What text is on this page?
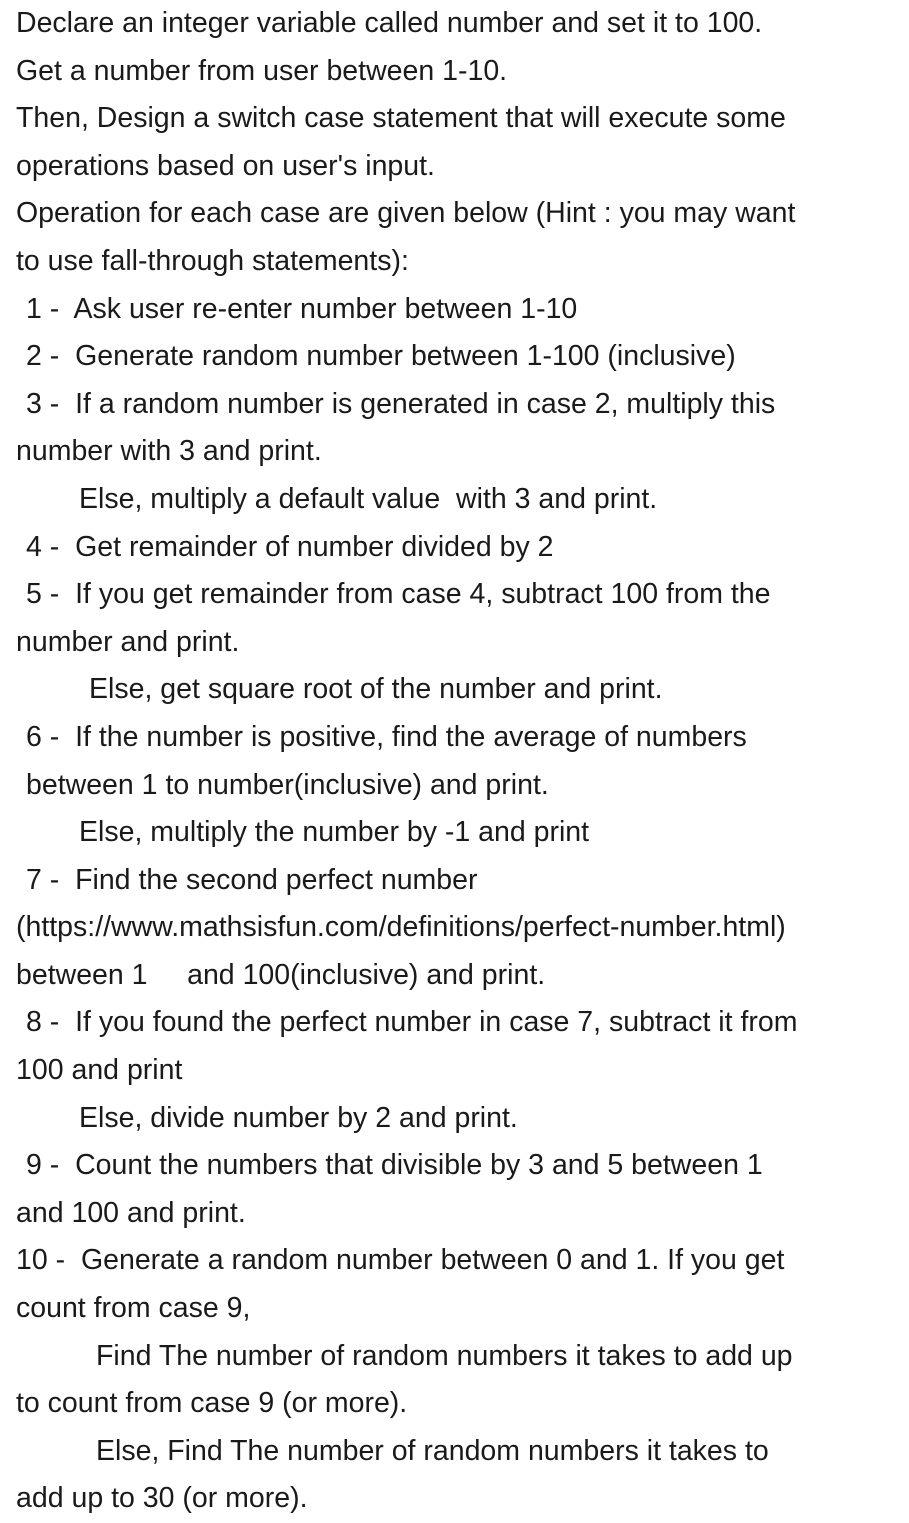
Declare an integer variable called number and set it to 100.
Get a number from user between 1-10.
Then, Design a switch case statement that will execute some
operations based on user's input.
Operation for each case are given below (Hint : you may want
to use fall-through statements):
1 -  Ask user re-enter number between 1-10
2 -  Generate random number between 1-100 (inclusive)
3 -  If a random number is generated in case 2, multiply this
number with 3 and print.
Else, multiply a default value  with 3 and print.
4 -  Get remainder of number divided by 2
5 -  If you get remainder from case 4, subtract 100 from the
number and print.
Else, get square root of the number and print.
6 -  If the number is positive, find the average of numbers
between 1 to number(inclusive) and print.
Else, multiply the number by -1 and print
7 -  Find the second perfect number
(https://www.mathsisfun.com/definitions/perfect-number.html)
between 1     and 100(inclusive) and print.
8 -  If you found the perfect number in case 7, subtract it from
100 and print
Else, divide number by 2 and print.
9 -  Count the numbers that divisible by 3 and 5 between 1
and 100 and print.
10 -  Generate a random number between 0 and 1. If you get
count from case 9,
Find The number of random numbers it takes to add up
to count from case 9 (or more).
Else, Find The number of random numbers it takes to
add up to 30 (or more).
